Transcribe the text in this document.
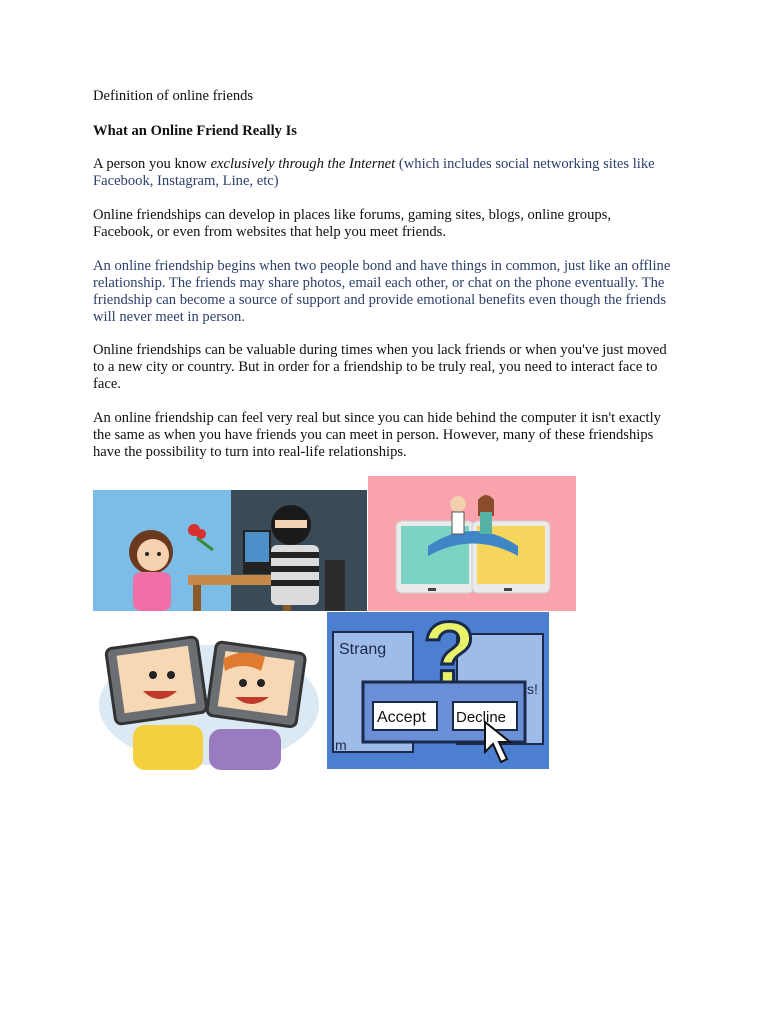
Definition of online friends
What an Online Friend Really Is
A person you know exclusively through the Internet (which includes social networking sites like Facebook, Instagram, Line, etc)
Online friendships can develop in places like forums, gaming sites, blogs, online groups, Facebook, or even from websites that help you meet friends.
An online friendship begins when two people bond and have things in common, just like an offline relationship. The friends may share photos, email each other, or chat on the phone eventually. The friendship can become a source of support and provide emotional benefits even though the friends will never meet in person.
Online friendships can be valuable during times when you lack friends or when you've just moved to a new city or country. But in order for a friendship to be truly real, you need to interact face to face.
An online friendship can feel very real but since you can hide behind the computer it isn't exactly the same as when you have friends you can meet in person. However, many of these friendships have the possibility to turn into real-life relationships.
Strang
s!
m
Accept Decline
?
